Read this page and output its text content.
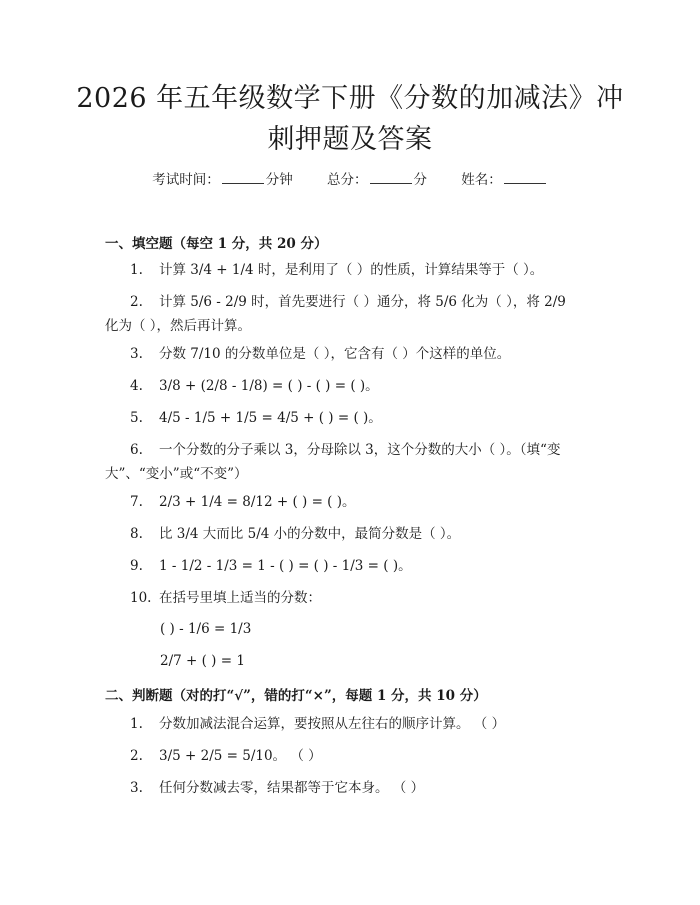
2026 年五年级数学下册《分数的加减法》冲
刺押题及答案
考试时间：	分钟	总分：	分	姓名：
一、填空题（每空 1 分，共 20 分）
1. 计算 3/4 + 1/4 时，是利用了（ ）的性质，计算结果等于（ ）。
2. 计算 5/6 - 2/9 时，首先要进行（ ）通分，将 5/6 化为（ ），将 2/9
化为（ ），然后再计算。
3. 分数 7/10 的分数单位是（ ），它含有（ ）个这样的单位。
4. 3/8 + (2/8 - 1/8) = ( ) - ( ) = ( )。
5. 4/5 - 1/5 + 1/5 = 4/5 + ( ) = ( )。
6. 一个分数的分子乘以 3，分母除以 3，这个分数的大小（ ）。（填“变
大”、“变小”或“不变”）
7. 2/3 + 1/4 = 8/12 + ( ) = ( )。
8. 比 3/4 大而比 5/4 小的分数中，最简分数是（ ）。
9. 1 - 1/2 - 1/3 = 1 - ( ) = ( ) - 1/3 = ( )。
10. 在括号里填上适当的分数：
( ) - 1/6 = 1/3
2/7 + ( ) = 1
二、判断题（对的打“√”，错的打“×”，每题 1 分，共 10 分）
1. 分数加减法混合运算，要按照从左往右的顺序计算。 （ ）
2. 3/5 + 2/5 = 5/10。 （ ）
3. 任何分数减去零，结果都等于它本身。 （ ）
